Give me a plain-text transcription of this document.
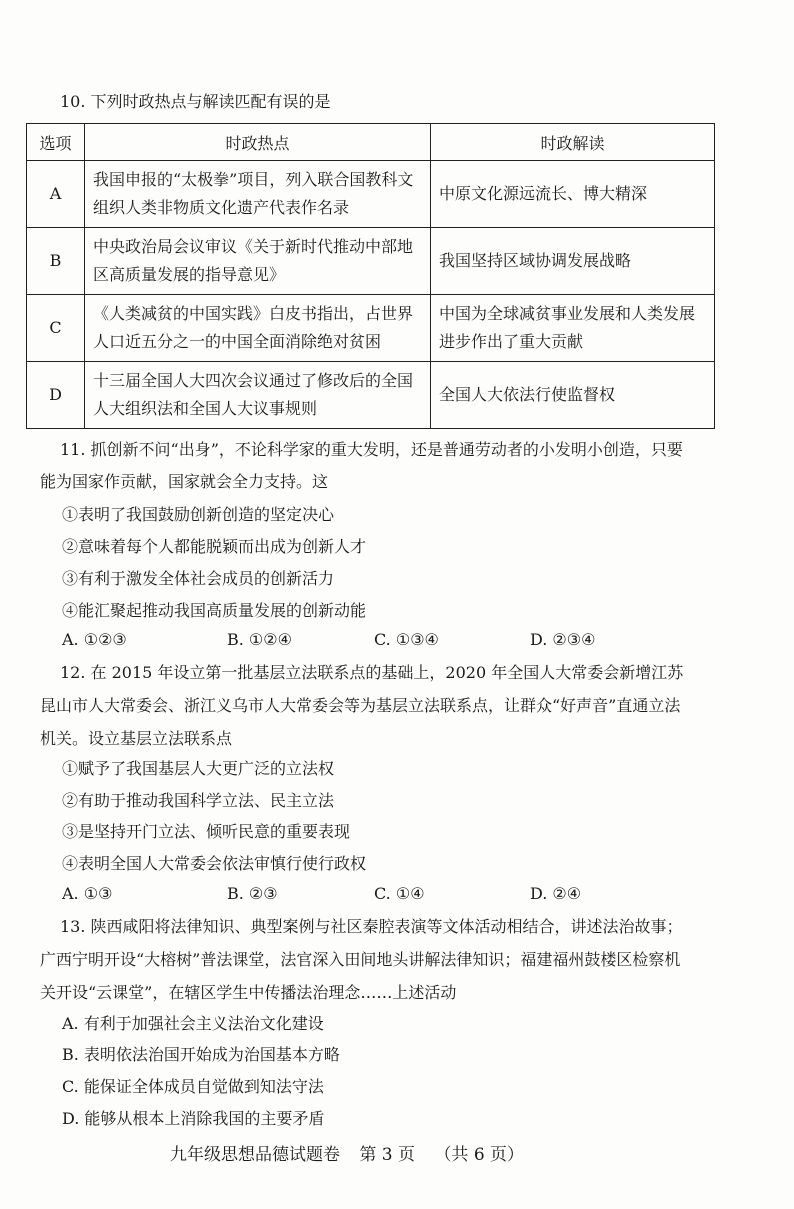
10. 下列时政热点与解读匹配有误的是
选项	时政热点	时政解读
A	我国申报的“太极拳”项目，列入联合国教科文组织人类非物质文化遗产代表作名录	中原文化源远流长、博大精深
B	中央政治局会议审议《关于新时代推动中部地区高质量发展的指导意见》	我国坚持区域协调发展战略
C	《人类减贫的中国实践》白皮书指出，占世界人口近五分之一的中国全面消除绝对贫困	中国为全球减贫事业发展和人类发展进步作出了重大贡献
D	十三届全国人大四次会议通过了修改后的全国人大组织法和全国人大议事规则	全国人大依法行使监督权
11. 抓创新不问“出身”，不论科学家的重大发明，还是普通劳动者的小发明小创造，只要
能为国家作贡献，国家就会全力支持。这
①表明了我国鼓励创新创造的坚定决心
②意味着每个人都能脱颖而出成为创新人才
③有利于激发全体社会成员的创新活力
④能汇聚起推动我国高质量发展的创新动能
A. ①②③	B. ①②④	C. ①③④	D. ②③④
12. 在 2015 年设立第一批基层立法联系点的基础上，2020 年全国人大常委会新增江苏
昆山市人大常委会、浙江义乌市人大常委会等为基层立法联系点，让群众“好声音”直通立法
机关。设立基层立法联系点
①赋予了我国基层人大更广泛的立法权
②有助于推动我国科学立法、民主立法
③是坚持开门立法、倾听民意的重要表现
④表明全国人大常委会依法审慎行使行政权
A. ①③	B. ②③	C. ①④	D. ②④
13. 陕西咸阳将法律知识、典型案例与社区秦腔表演等文体活动相结合，讲述法治故事；
广西宁明开设“大榕树”普法课堂，法官深入田间地头讲解法律知识；福建福州鼓楼区检察机
关开设“云课堂”，在辖区学生中传播法治理念……上述活动
A. 有利于加强社会主义法治文化建设
B. 表明依法治国开始成为治国基本方略
C. 能保证全体成员自觉做到知法守法
D. 能够从根本上消除我国的主要矛盾
九年级思想品德试题卷 第 3 页 （共 6 页）
